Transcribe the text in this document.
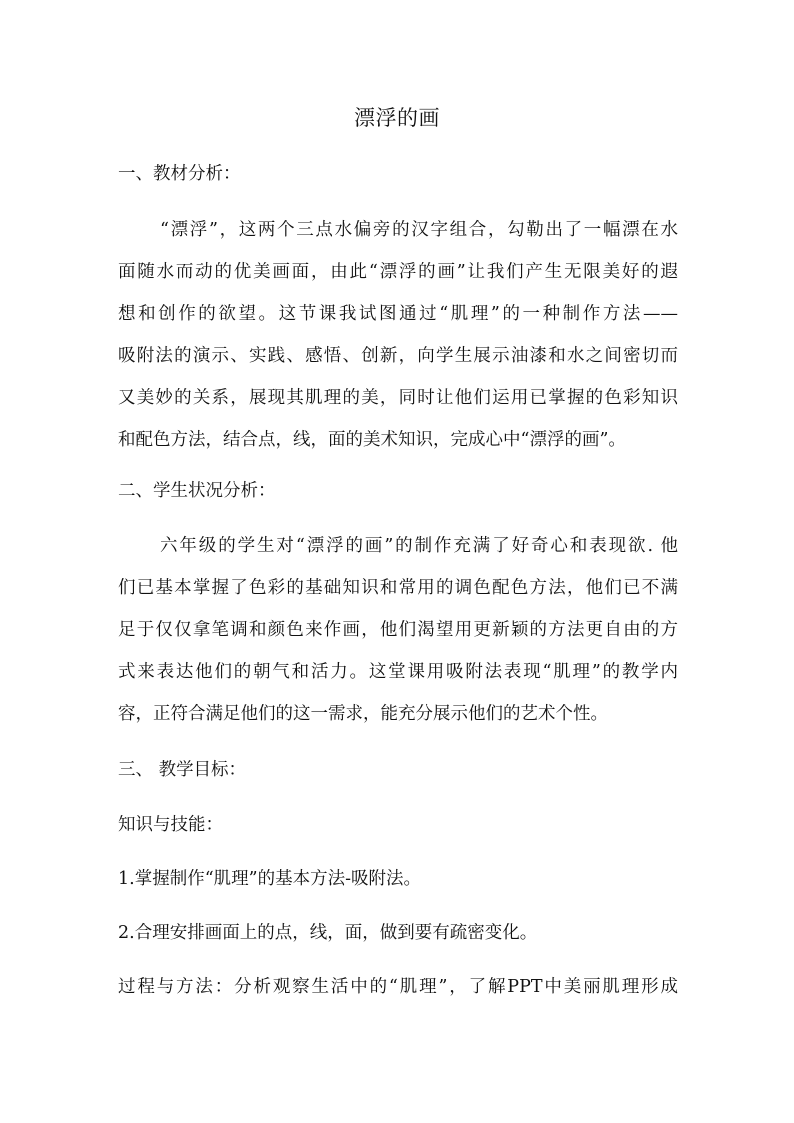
漂浮的画
一、教材分析：
“漂浮”，这两个三点水偏旁的汉字组合，勾勒出了一幅漂在水
面随水而动的优美画面，由此“漂浮的画”让我们产生无限美好的遐
想和创作的欲望。这节课我试图通过“肌理”的一种制作方法——
吸附法的演示、实践、感悟、创新，向学生展示油漆和水之间密切而
又美妙的关系，展现其肌理的美，同时让他们运用已掌握的色彩知识
和配色方法，结合点，线，面的美术知识，完成心中“漂浮的画”。
二、学生状况分析：
六年级的学生对“漂浮的画”的制作充满了好奇心和表现欲. 他
们已基本掌握了色彩的基础知识和常用的调色配色方法，他们已不满
足于仅仅拿笔调和颜色来作画，他们渴望用更新颖的方法更自由的方
式来表达他们的朝气和活力。这堂课用吸附法表现“肌理”的教学内
容，正符合满足他们的这一需求，能充分展示他们的艺术个性。
三、 教学目标：
知识与技能：
1.掌握制作“肌理”的基本方法-吸附法。
2.合理安排画面上的点，线，面，做到要有疏密变化。
过程与方法：分析观察生活中的“肌理”，了解PPT中美丽肌理形成
